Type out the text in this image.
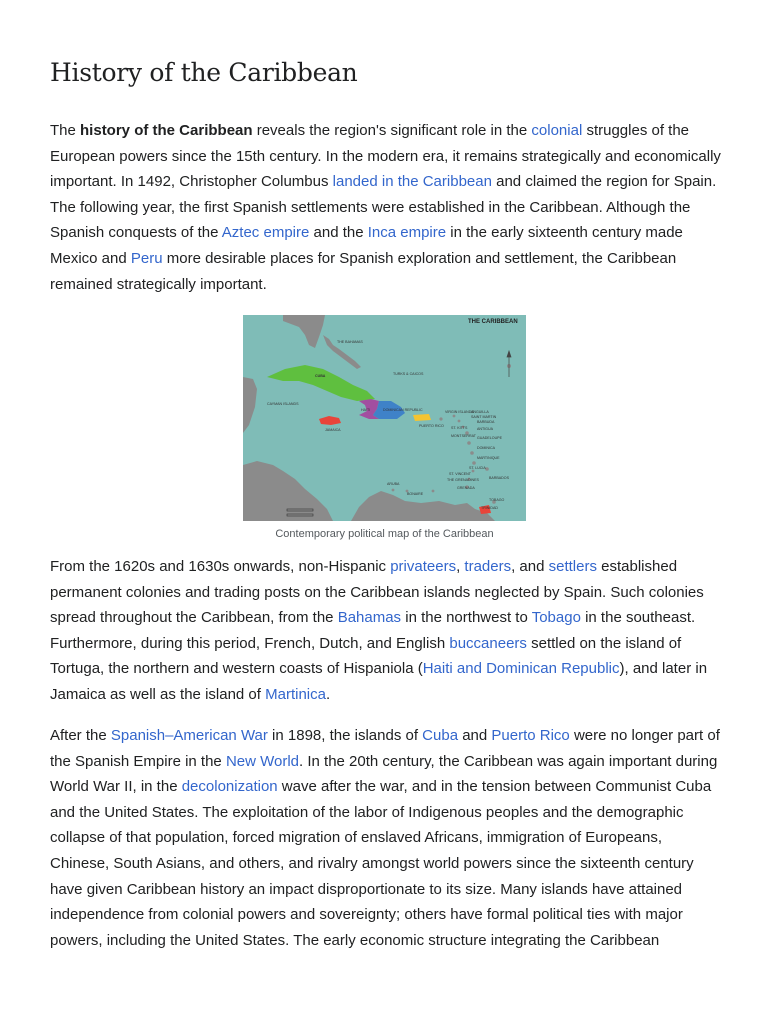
History of the Caribbean

The history of the Caribbean reveals the region's significant role in the colonial struggles of the European powers since the 15th century. In the modern era, it remains strategically and economically important. In 1492, Christopher Columbus landed in the Caribbean and claimed the region for Spain. The following year, the first Spanish settlements were established in the Caribbean. Although the Spanish conquests of the Aztec empire and the Inca empire in the early sixteenth century made Mexico and Peru more desirable places for Spanish exploration and settlement, the Caribbean remained strategically important.

THE CARIBBEAN
THE BAHAMAS
TURKS & CAICOS
CUBA
CAYMAN ISLANDS
JAMAICA
HAITI	DOMINICAN REPUBLIC
PUERTO RICO
VIRGIN ISLANDS
ANGUILLA
SAINT MARTIN
ST. KITTS
BARBUDA
ANTIGUA
MONTSERRAT GUADELOUPE
DOMINICA
MARTINIQUE
ST. LUCIA
ST. VINCENT
THE GRENADINES	BARBADOS
GRENADA
ARUBA
BONAIRE
TRINIDAD
TOBAGO
Contemporary political map of the Caribbean

From the 1620s and 1630s onwards, non-Hispanic privateers, traders, and settlers established permanent colonies and trading posts on the Caribbean islands neglected by Spain. Such colonies spread throughout the Caribbean, from the Bahamas in the northwest to Tobago in the southeast. Furthermore, during this period, French, Dutch, and English buccaneers settled on the island of Tortuga, the northern and western coasts of Hispaniola (Haiti and Dominican Republic), and later in Jamaica as well as the island of Martinica.

After the Spanish–American War in 1898, the islands of Cuba and Puerto Rico were no longer part of the Spanish Empire in the New World. In the 20th century, the Caribbean was again important during World War II, in the decolonization wave after the war, and in the tension between Communist Cuba and the United States. The exploitation of the labor of Indigenous peoples and the demographic collapse of that population, forced migration of enslaved Africans, immigration of Europeans, Chinese, South Asians, and others, and rivalry amongst world powers since the sixteenth century have given Caribbean history an impact disproportionate to its size. Many islands have attained independence from colonial powers and sovereignty; others have formal political ties with major powers, including the United States. The early economic structure integrating the Caribbean
